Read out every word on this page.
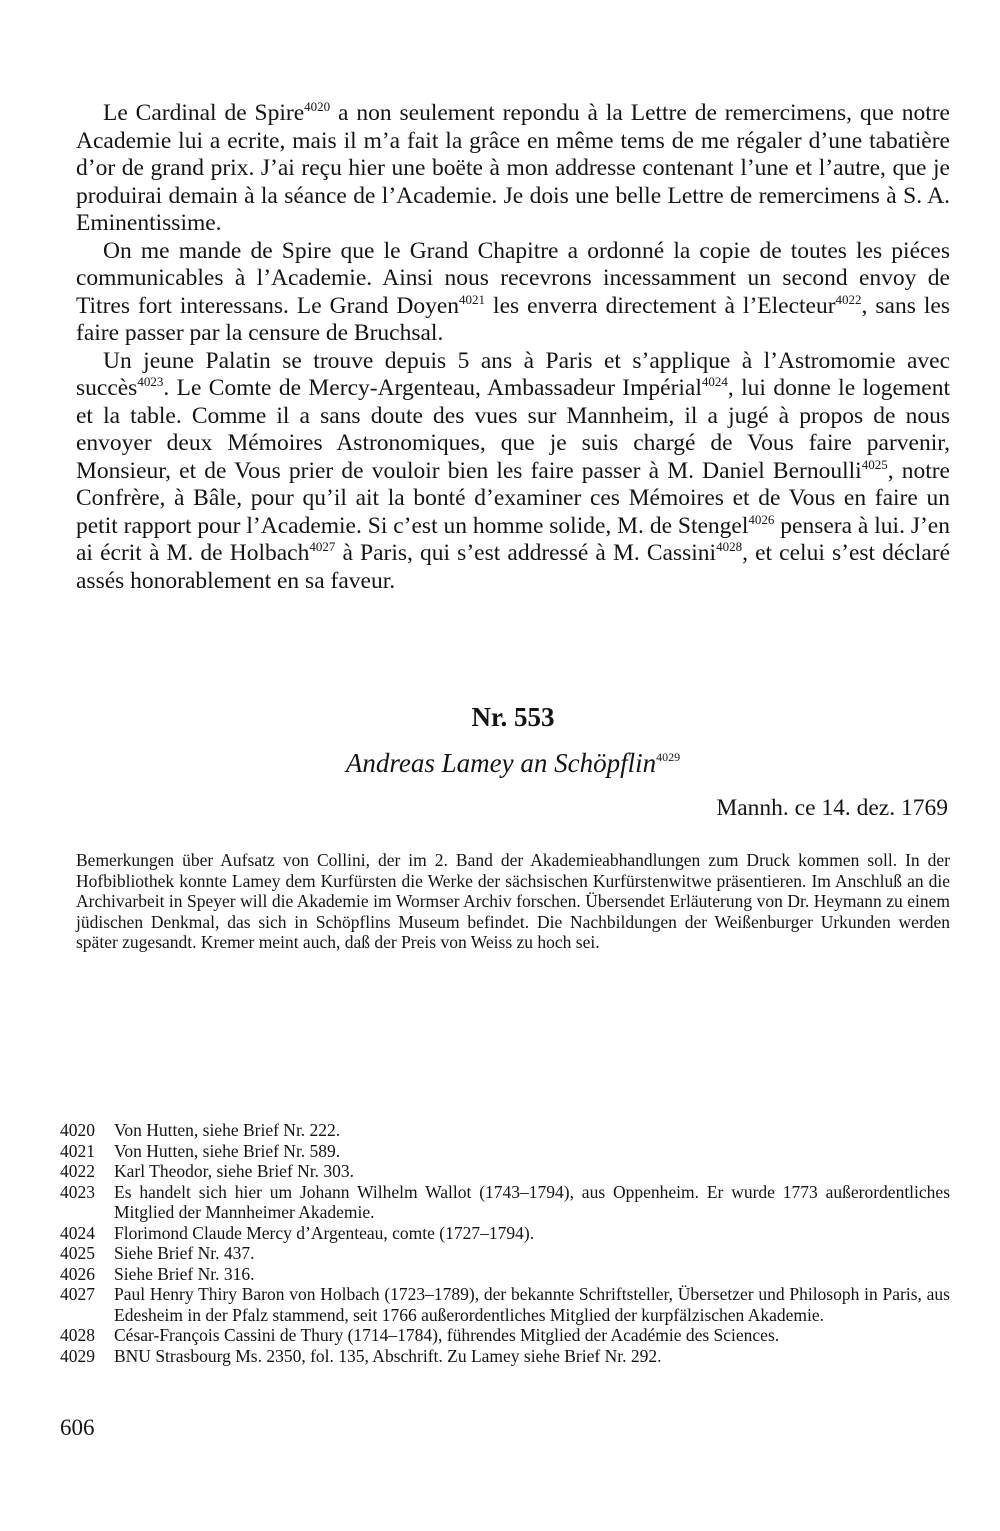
Le Cardinal de Spire$^{4020}$ a non seulement repondu à la Lettre de remercimens, que notre Academie lui a ecrite, mais il m’a fait la grâce en même tems de me régaler d’une tabatière d’or de grand prix. J’ai reçu hier une boëte à mon addresse contenant l’une et l’autre, que je produirai demain à la séance de l’Academie. Je dois une belle Lettre de remercimens à S. A. Eminentissime.

On me mande de Spire que le Grand Chapitre a ordonné la copie de toutes les piéces communicables à l’Academie. Ainsi nous recevrons incessamment un second envoy de Titres fort interessans. Le Grand Doyen$^{4021}$ les enverra directement à l’Electeur$^{4022}$, sans les faire passer par la censure de Bruchsal.

Un jeune Palatin se trouve depuis 5 ans à Paris et s’applique à l’Astromomie avec succès$^{4023}$. Le Comte de Mercy-Argenteau, Ambassadeur Impérial$^{4024}$, lui donne le logement et la table. Comme il a sans doute des vues sur Mannheim, il a jugé à propos de nous envoyer deux Mémoires Astronomiques, que je suis chargé de Vous faire parvenir, Monsieur, et de Vous prier de vouloir bien les faire passer à M. Daniel Bernoulli$^{4025}$, notre Confrère, à Bâle, pour qu’il ait la bonté d’examiner ces Mémoires et de Vous en faire un petit rapport pour l’Academie. Si c’est un homme solide, M. de Stengel$^{4026}$ pensera à lui. J’en ai écrit à M. de Holbach$^{4027}$ à Paris, qui s’est addressé à M. Cassini$^{4028}$, et celui s’est déclaré assés honorablement en sa faveur.

Nr. 553
Andreas Lamey an Schöpflin$^{4029}$
Mannh. ce 14. dez. 1769
Bemerkungen über Aufsatz von Collini, der im 2. Band der Akademieabhandlungen zum Druck kommen soll. In der Hofbibliothek konnte Lamey dem Kurfürsten die Werke der sächsischen Kurfürstenwitwe präsentieren. Im Anschluß an die Archivarbeit in Speyer will die Akademie im Wormser Archiv forschen. Übersendet Erläuterung von Dr. Heymann zu einem jüdischen Denkmal, das sich in Schöpflins Museum befindet. Die Nachbildungen der Weißenburger Urkunden werden später zugesandt. Kremer meint auch, daß der Preis von Weiss zu hoch sei.
4020	Von Hutten, siehe Brief Nr. 222.
4021	Von Hutten, siehe Brief Nr. 589.
4022	Karl Theodor, siehe Brief Nr. 303.
4023	Es handelt sich hier um Johann Wilhelm Wallot (1743–1794), aus Oppenheim. Er wurde 1773 außerordentliches Mitglied der Mannheimer Akademie.
4024	Florimond Claude Mercy d’Argenteau, comte (1727–1794).
4025	Siehe Brief Nr. 437.
4026	Siehe Brief Nr. 316.
4027	Paul Henry Thiry Baron von Holbach (1723–1789), der bekannte Schriftsteller, Übersetzer und Philosoph in Paris, aus Edesheim in der Pfalz stammend, seit 1766 außerordentliches Mitglied der kurpfälzischen Akademie.
4028	César-François Cassini de Thury (1714–1784), führendes Mitglied der Académie des Sciences.
4029	BNU Strasbourg Ms. 2350, fol. 135, Abschrift. Zu Lamey siehe Brief Nr. 292.
606
